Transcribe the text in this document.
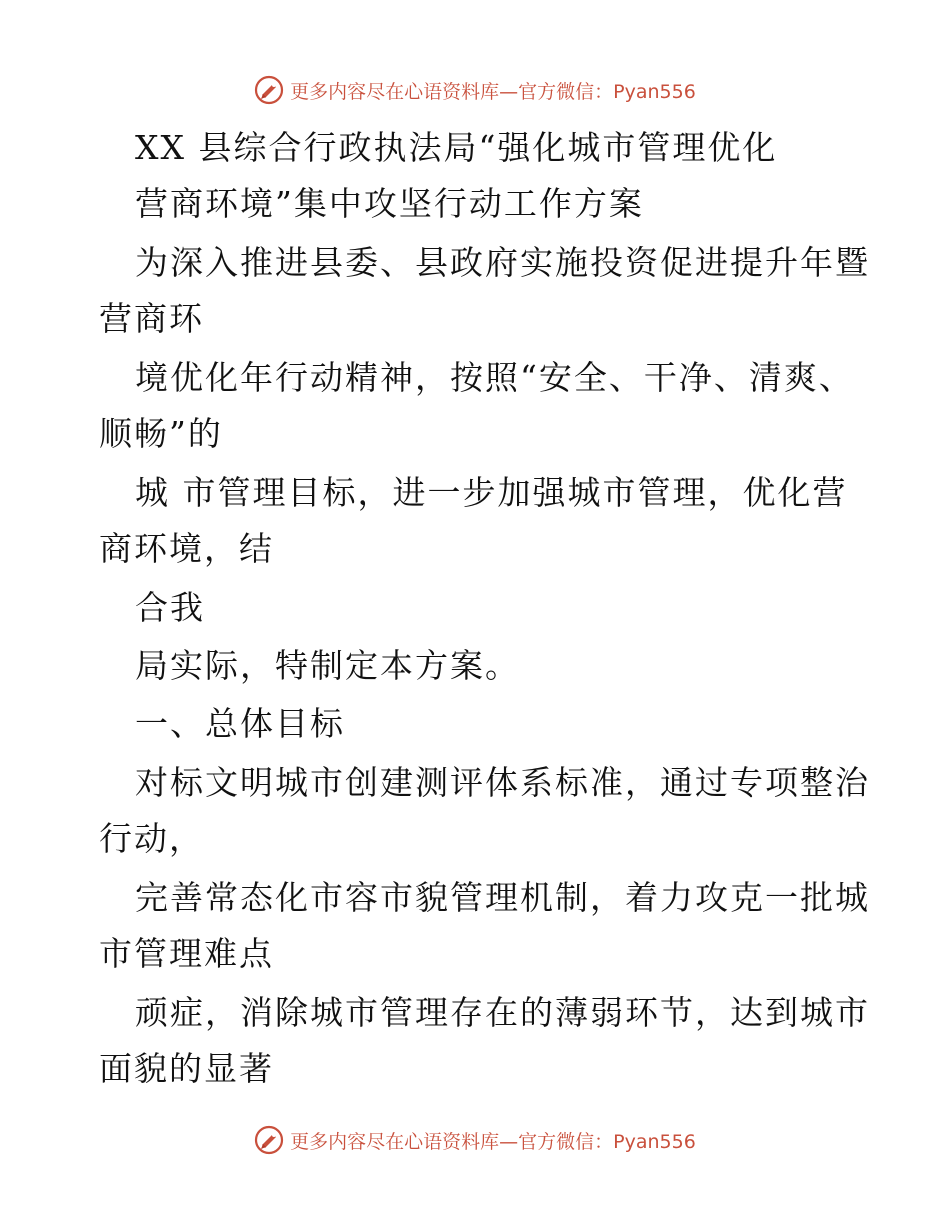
更多内容尽在心语资料库—官方微信：Pyan556
XX 县综合行政执法局“强化城市管理优化
营商环境”集中攻坚行动工作方案
为深入推进县委、县政府实施投资促进提升年暨
营商环
境优化年行动精神，按照“安全、干净、清爽、
顺畅”的
城 市管理目标，进一步加强城市管理，优化营
商环境，结
合我
局实际，特制定本方案。
一、总体目标
对标文明城市创建测评体系标准，通过专项整治
行动，
完善常态化市容市貌管理机制，着力攻克一批城
市管理难点
顽症，消除城市管理存在的薄弱环节，达到城市
面貌的显著
更多内容尽在心语资料库—官方微信：Pyan556
